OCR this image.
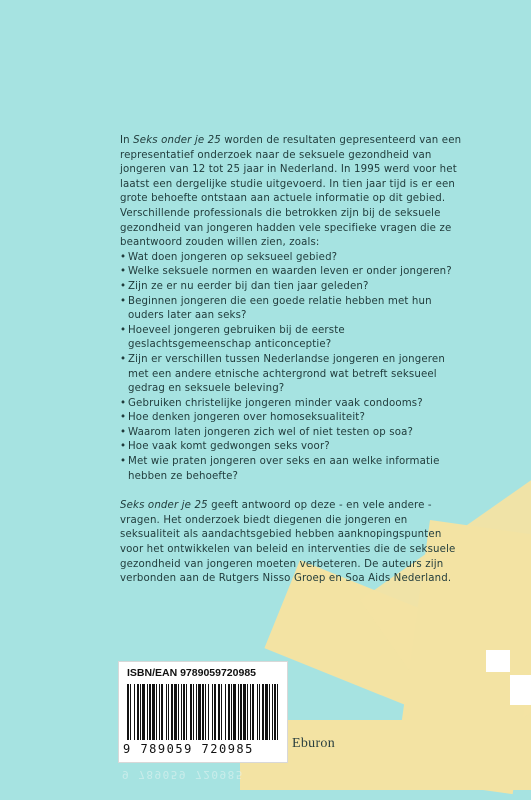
In Seks onder je 25 worden de resultaten gepresenteerd van een representatief onderzoek naar de seksuele gezondheid van jongeren van 12 tot 25 jaar in Nederland. In 1995 werd voor het laatst een dergelijke studie uitgevoerd. In tien jaar tijd is er een grote behoefte ontstaan aan actuele informatie op dit gebied. Verschillende professionals die betrokken zijn bij de seksuele gezondheid van jongeren hadden vele specifieke vragen die ze beantwoord zouden willen zien, zoals:

• Wat doen jongeren op seksueel gebied?
• Welke seksuele normen en waarden leven er onder jongeren?
• Zijn ze er nu eerder bij dan tien jaar geleden?
• Beginnen jongeren die een goede relatie hebben met hun ouders later aan seks?
• Hoeveel jongeren gebruiken bij de eerste geslachtsgemeenschap anticonceptie?
• Zijn er verschillen tussen Nederlandse jongeren en jongeren met een andere etnische achtergrond wat betreft seksueel gedrag en seksuele beleving?
• Gebruiken christelijke jongeren minder vaak condooms?
• Hoe denken jongeren over homoseksualiteit?
• Waarom laten jongeren zich wel of niet testen op soa?
• Hoe vaak komt gedwongen seks voor?
• Met wie praten jongeren over seks en aan welke informatie hebben ze behoefte?

Seks onder je 25 geeft antwoord op deze - en vele andere - vragen. Het onderzoek biedt diegenen die jongeren en seksualiteit als aandachtsgebied hebben aanknopingspunten voor het ontwikkelen van beleid en interventies die de seksuele gezondheid van jongeren moeten verbeteren. De auteurs zijn verbonden aan de Rutgers Nisso Groep en Soa Aids Nederland.

ISBN/EAN 9789059720985
9 789059 720985
9 789059 720985
Eburon
